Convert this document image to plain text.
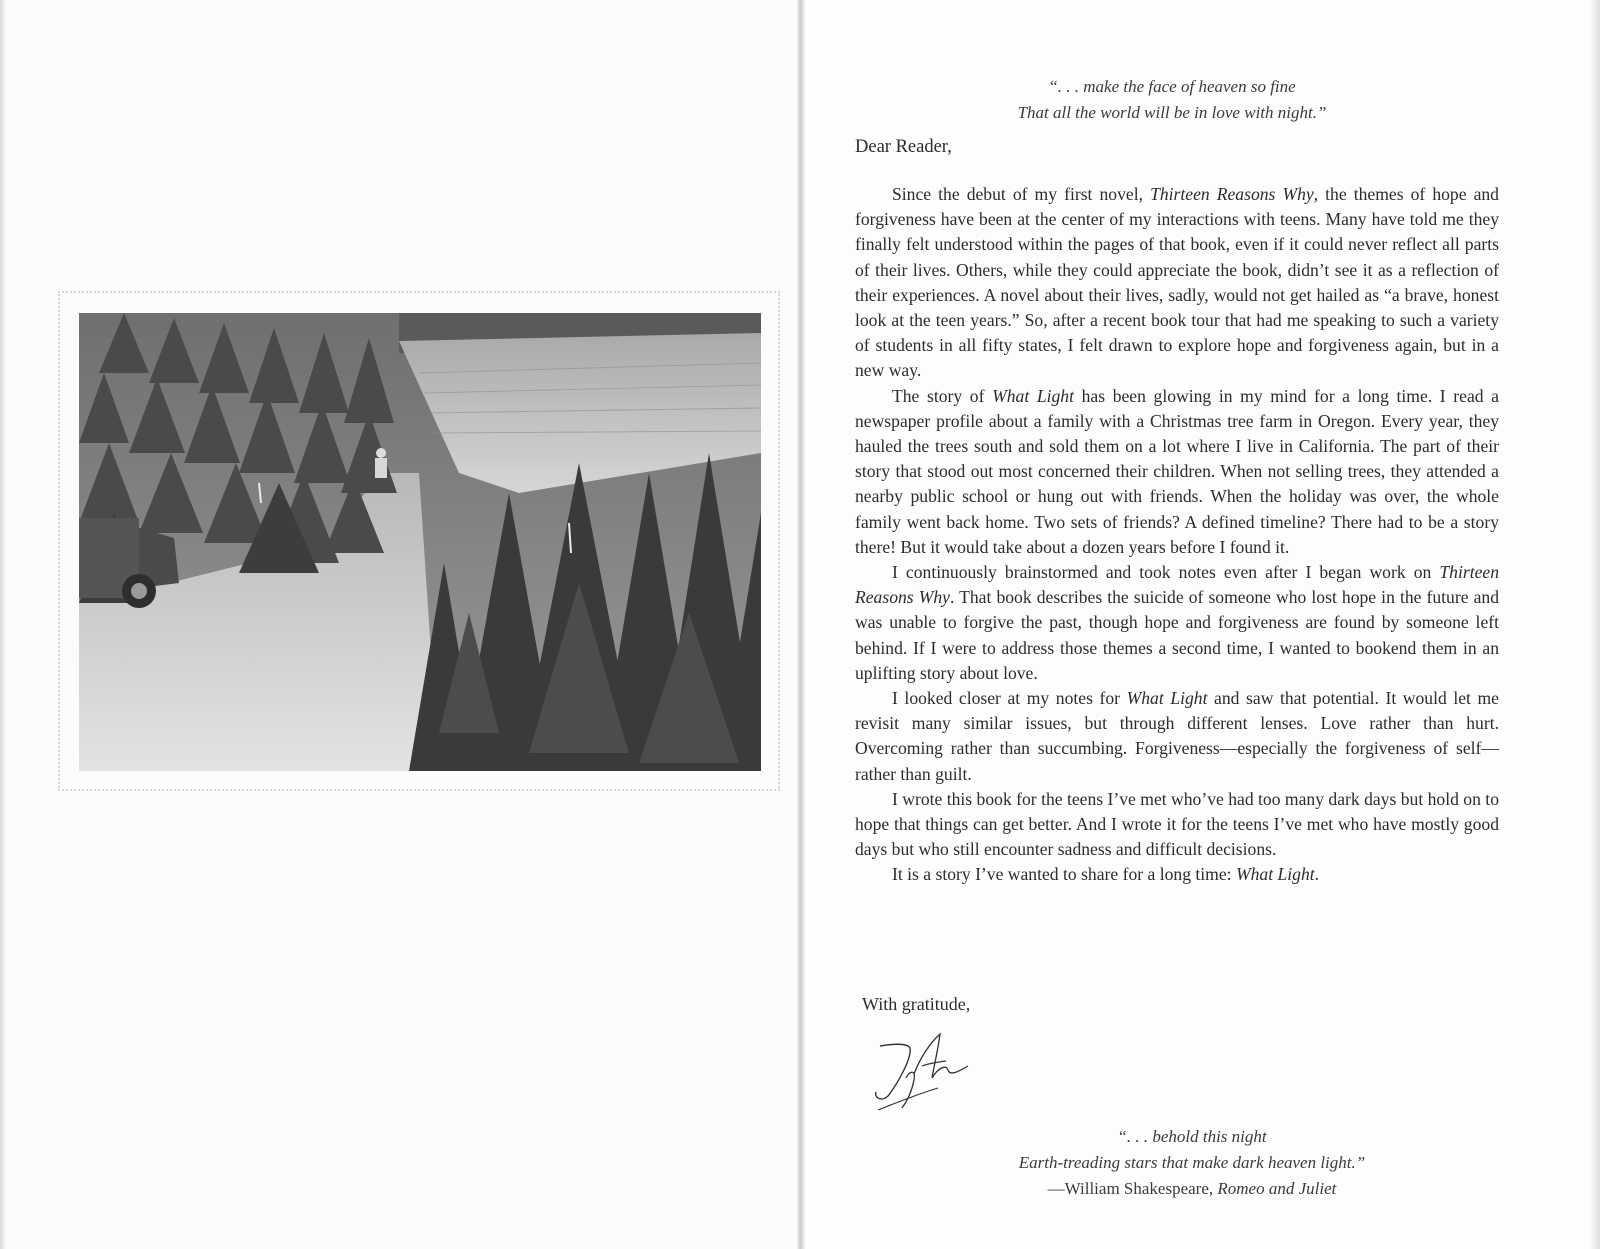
“. . . make the face of heaven so fine
That all the world will be in love with night.”
Dear Reader,

Since the debut of my first novel, Thirteen Reasons Why, the themes of hope and forgiveness have been at the center of my interactions with teens. Many have told me they finally felt understood within the pages of that book, even if it could never reflect all parts of their lives. Others, while they could appreciate the book, didn’t see it as a reflection of their experiences. A novel about their lives, sadly, would not get hailed as “a brave, honest look at the teen years.” So, after a recent book tour that had me speaking to such a variety of students in all fifty states, I felt drawn to explore hope and forgiveness again, but in a new way.

The story of What Light has been glowing in my mind for a long time. I read a newspaper profile about a family with a Christmas tree farm in Oregon. Every year, they hauled the trees south and sold them on a lot where I live in California. The part of their story that stood out most concerned their children. When not selling trees, they attended a nearby public school or hung out with friends. When the holiday was over, the whole family went back home. Two sets of friends? A defined timeline? There had to be a story there! But it would take about a dozen years before I found it.

I continuously brainstormed and took notes even after I began work on Thirteen Reasons Why. That book describes the suicide of someone who lost hope in the future and was unable to forgive the past, though hope and forgiveness are found by someone left behind. If I were to address those themes a second time, I wanted to bookend them in an uplifting story about love.

I looked closer at my notes for What Light and saw that potential. It would let me revisit many similar issues, but through different lenses. Love rather than hurt. Overcoming rather than succumbing. Forgiveness—especially the forgiveness of self—rather than guilt.

I wrote this book for the teens I’ve met who’ve had too many dark days but hold on to hope that things can get better. And I wrote it for the teens I’ve met who have mostly good days but who still encounter sadness and difficult decisions.

It is a story I’ve wanted to share for a long time: What Light.

With gratitude,
“. . . behold this night
Earth-treading stars that make dark heaven light.”
—William Shakespeare, Romeo and Juliet
